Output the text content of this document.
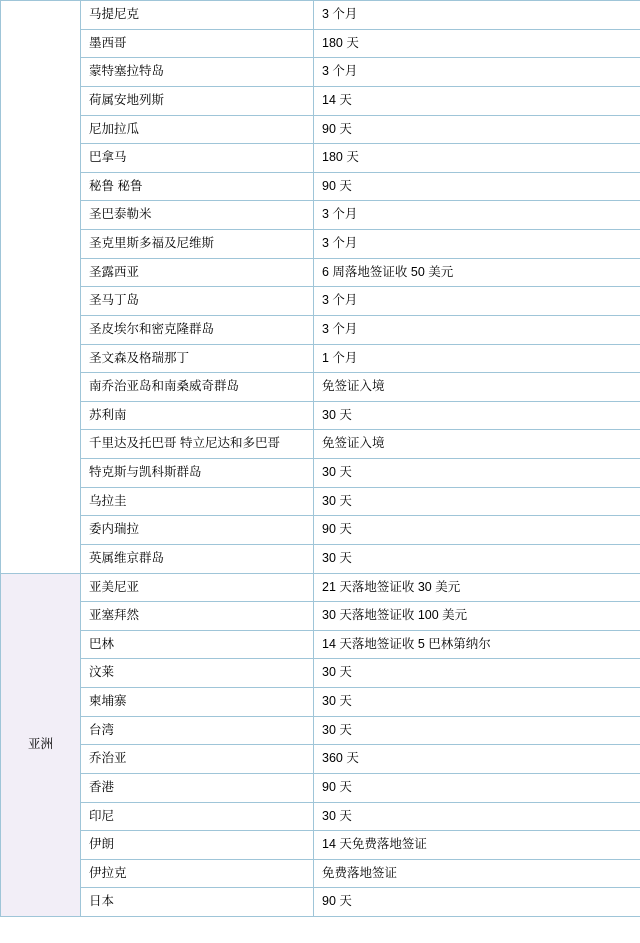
	马提尼克	3 个月
	墨西哥	180 天
	蒙特塞拉特岛	3 个月
	荷属安地列斯	14 天
	尼加拉瓜	90 天
	巴拿马	180 天
	秘鲁 秘鲁	90 天
	圣巴泰勒米	3 个月
	圣克里斯多福及尼维斯	3 个月
	圣露西亚	6 周落地签证收 50 美元
	圣马丁岛	3 个月
	圣皮埃尔和密克隆群岛	3 个月
	圣文森及格瑞那丁	1 个月
	南乔治亚岛和南桑威奇群岛	免签证入境
	苏利南	30 天
	千里达及托巴哥 特立尼达和多巴哥	免签证入境
	特克斯与凯科斯群岛	30 天
	乌拉圭	30 天
	委内瑞拉	90 天
	英属维京群岛	30 天
亚洲	亚美尼亚	21 天落地签证收 30 美元
	亚塞拜然	30 天落地签证收 100 美元
	巴林	14 天落地签证收 5 巴林第纳尔
	汶莱	30 天
	柬埔寨	30 天
	台湾	30 天
	乔治亚	360 天
	香港	90 天
	印尼	30 天
	伊朗	14 天免费落地签证
	伊拉克	免费落地签证
	日本	90 天
